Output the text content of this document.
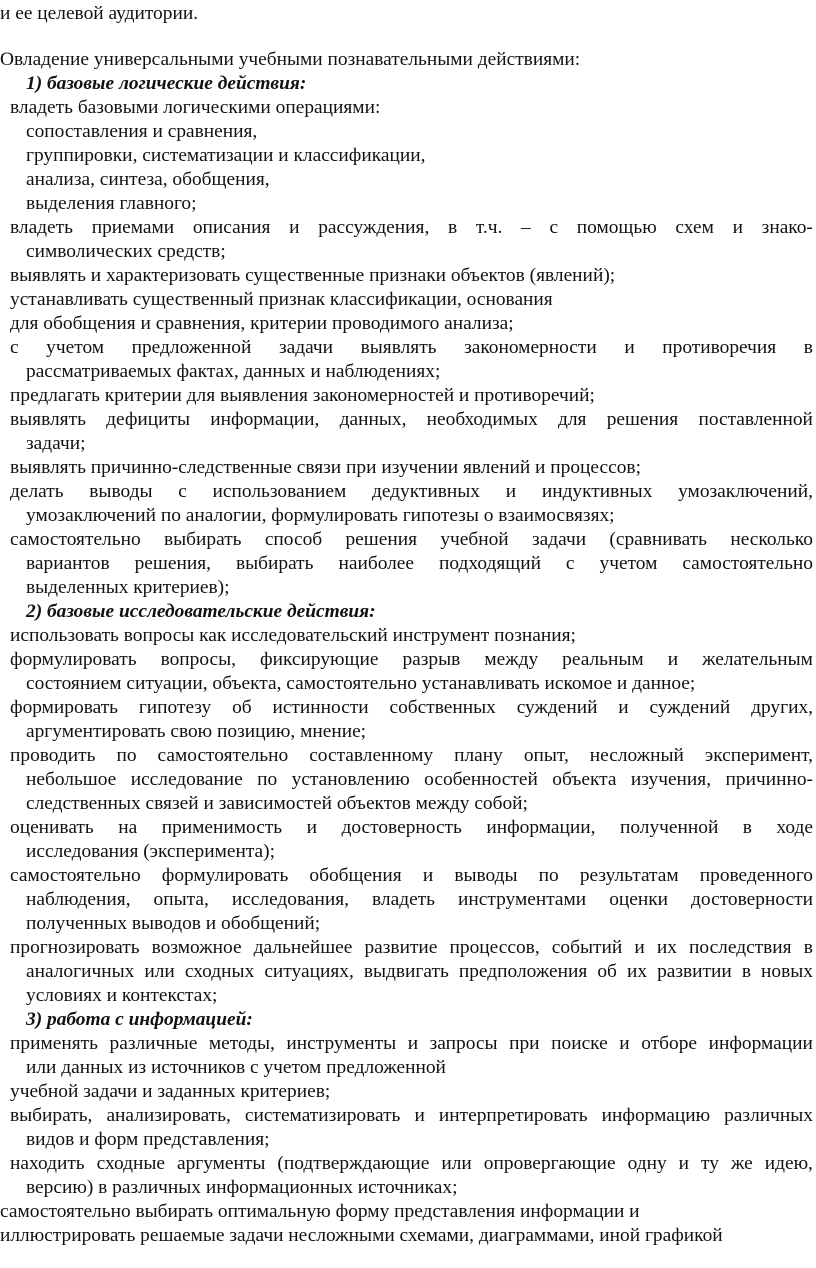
и ее целевой аудитории.
Овладение универсальными учебными познавательными действиями:
1) базовые логические действия:
владеть базовыми логическими операциями:
сопоставления и сравнения,
группировки, систематизации и классификации,
анализа, синтеза, обобщения,
выделения главного;
владеть приемами описания и рассуждения, в т.ч. – с помощью схем и знако-
символических средств;
выявлять и характеризовать существенные признаки объектов (явлений);
устанавливать существенный признак классификации, основания
для обобщения и сравнения, критерии проводимого анализа;
с учетом предложенной задачи выявлять закономерности и противоречия в
рассматриваемых фактах, данных и наблюдениях;
предлагать критерии для выявления закономерностей и противоречий;
выявлять дефициты информации, данных, необходимых для решения поставленной
задачи;
выявлять причинно-следственные связи при изучении явлений и процессов;
делать выводы с использованием дедуктивных и индуктивных умозаключений,
умозаключений по аналогии, формулировать гипотезы о взаимосвязях;
самостоятельно выбирать способ решения учебной задачи (сравнивать несколько
вариантов решения, выбирать наиболее подходящий с учетом самостоятельно
выделенных критериев);
2) базовые исследовательские действия:
использовать вопросы как исследовательский инструмент познания;
формулировать вопросы, фиксирующие разрыв между реальным и желательным
состоянием ситуации, объекта, самостоятельно устанавливать искомое и данное;
формировать гипотезу об истинности собственных суждений и суждений других,
аргументировать свою позицию, мнение;
проводить по самостоятельно составленному плану опыт, несложный эксперимент,
небольшое исследование по установлению особенностей объекта изучения, причинно-
следственных связей и зависимостей объектов между собой;
оценивать на применимость и достоверность информации, полученной в ходе
исследования (эксперимента);
самостоятельно формулировать обобщения и выводы по результатам проведенного
наблюдения, опыта, исследования, владеть инструментами оценки достоверности
полученных выводов и обобщений;
прогнозировать возможное дальнейшее развитие процессов, событий и их последствия в
аналогичных или сходных ситуациях, выдвигать предположения об их развитии в новых
условиях и контекстах;
3) работа с информацией:
применять различные методы, инструменты и запросы при поиске и отборе информации
или данных из источников с учетом предложенной
учебной задачи и заданных критериев;
выбирать, анализировать, систематизировать и интерпретировать информацию различных
видов и форм представления;
находить сходные аргументы (подтверждающие или опровергающие одну и ту же идею,
версию) в различных информационных источниках;
самостоятельно выбирать оптимальную форму представления информации и
иллюстрировать решаемые задачи несложными схемами, диаграммами, иной графикой
